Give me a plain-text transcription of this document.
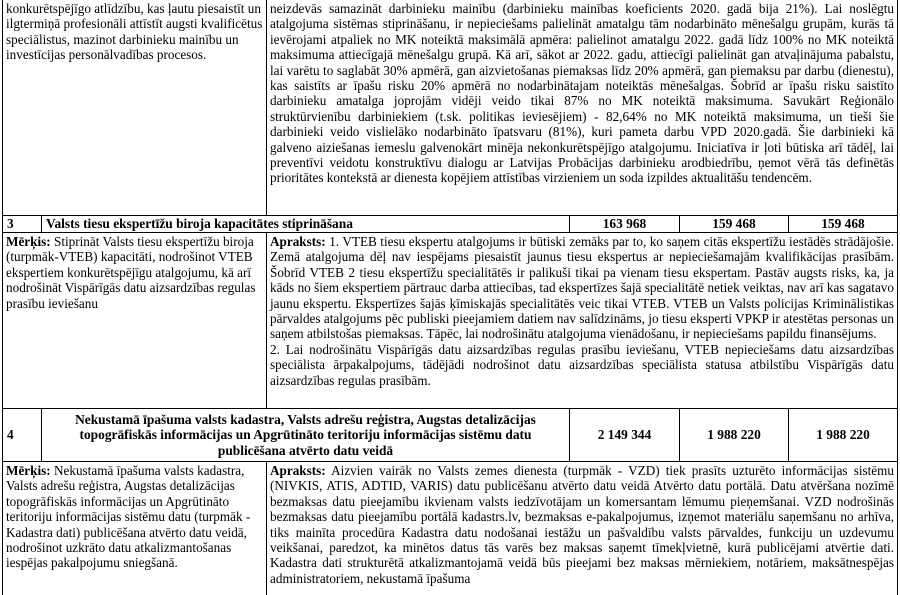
konkurētspējīgo atlīdzību, kas ļautu piesaistīt un ilgtermiņā profesionāli attīstīt augsti kvalificētus speciālistus, mazinot darbinieku mainību un investīcijas personālvadības procesos.

neizdevās samazināt darbinieku mainību (darbinieku mainības koeficients 2020. gadā bija 21%). Lai noslēgtu atalgojuma sistēmas stiprināšanu, ir nepieciešams palielināt amatalgu tām nodarbināto mēnešalgu grupām, kurās tā ievērojami atpaliek no MK noteiktā maksimālā apmēra: palielinot amatalgu 2022. gadā līdz 100% no MK noteiktā maksimuma attiecīgajā mēnešalgu grupā. Kā arī, sākot ar 2022. gadu, attiecīgi palielināt gan atvaļinājuma pabalstu, lai varētu to saglabāt 30% apmērā, gan aizvietošanas piemaksas līdz 20% apmērā, gan piemaksu par darbu (dienestu), kas saistīts ar īpašu risku 20% apmērā no nodarbinātajam noteiktās mēnešalgas. Šobrīd ar īpašu risku saistīto darbinieku amatalga joprojām vidēji veido tikai 87% no MK noteiktā maksimuma. Savukārt Reģionālo struktūrvienību darbiniekiem (t.sk. politikas ieviesējiem) - 82,64% no MK noteiktā maksimuma, un tieši šie darbinieki veido vislielāko nodarbināto īpatsvaru (81%), kuri pameta darbu VPD 2020.gadā. Šie darbinieki kā galveno aiziešanas iemeslu galvenokārt minēja nekonkurētspējīgo atalgojumu. Iniciatīva ir ļoti būtiska arī tādēļ, lai preventīvi veidotu konstruktīvu dialogu ar Latvijas Probācijas darbinieku arodbiedrību, ņemot vērā tās definētās prioritātes kontekstā ar dienesta kopējiem attīstības virzieniem un soda izpildes aktualitāšu tendencēm.

3 Valsts tiesu ekspertīžu biroja kapacitātes stiprināšana	163 968	159 468	159 468

Mērķis: Stiprināt Valsts tiesu ekspertīžu biroja (turpmāk-VTEB) kapacitāti, nodrošinot VTEB ekspertiem konkurētspējīgu atalgojumu, kā arī nodrošināt Vispārīgās datu aizsardzības regulas prasību ieviešanu

Apraksts: 1. VTEB tiesu ekspertu atalgojums ir būtiski zemāks par to, ko saņem citās ekspertīžu iestādēs strādājošie. Zemā atalgojuma dēļ nav iespējams piesaistīt jaunus tiesu ekspertus ar nepieciešamajām kvalifikācijas prasībām. Šobrīd VTEB 2 tiesu ekspertīžu specialitātēs ir palikuši tikai pa vienam tiesu ekspertam. Pastāv augsts risks, ka, ja kāds no šiem ekspertiem pārtrauc darba attiecības, tad ekspertīzes šajā specialitātē netiek veiktas, nav arī kas sagatavo jaunu ekspertu. Ekspertīzes šajās ķīmiskajās specialitātēs veic tikai VTEB. VTEB un Valsts policijas Kriminālistikas pārvaldes atalgojums pēc publiski pieejamiem datiem nav salīdzināms, jo tiesu eksperti VPKP ir atestētas personas un saņem atbilstošas piemaksas. Tāpēc, lai nodrošinātu atalgojuma vienādošanu, ir nepieciešams papildu finansējums.

2. Lai nodrošinātu Vispārīgās datu aizsardzības regulas prasību ieviešanu, VTEB nepieciešams datu aizsardzības speciālista ārpakalpojums, tādējādi nodrošinot datu aizsardzības speciālista statusa atbilstību Vispārīgās datu aizsardzības regulas prasībām.

4
Nekustamā īpašuma valsts kadastra, Valsts adrešu reģistra, Augstas detalizācijas topogrāfiskās informācijas un Apgrūtināto teritoriju informācijas sistēmu datu publicēšana atvērto datu veidā
2 149 344	1 988 220	1 988 220

Mērķis: Nekustamā īpašuma valsts kadastra, Valsts adrešu reģistra, Augstas detalizācijas topogrāfiskās informācijas un Apgrūtināto teritoriju informācijas sistēmu datu (turpmāk - Kadastra dati) publicēšana atvērto datu veidā, nodrošinot uzkrāto datu atkalizmantošanas iespējas pakalpojumu sniegšanā.

Apraksts: Aizvien vairāk no Valsts zemes dienesta (turpmāk - VZD) tiek prasīts uzturēto informācijas sistēmu (NIVKIS, ATIS, ADTID, VARIS) datu publicēšanu atvērto datu veidā Atvērto datu portālā. Datu atvēršana nozīmē bezmaksas datu pieejamību ikvienam valsts iedzīvotājam un komersantam lēmumu pieņemšanai. VZD nodrošinās bezmaksas datu pieejamību portālā kadastrs.lv, bezmaksas e-pakalpojumus, izņemot materiālu saņemšanu no arhīva, tiks mainīta procedūra Kadastra datu nodošanai iestāžu un pašvaldību valsts pārvaldes, funkciju un uzdevumu veikšanai, paredzot, ka minētos datus tās varēs bez maksas saņemt tīmekļvietnē, kurā publicējami atvērtie dati. Kadastra dati strukturētā atkalizmantojamā veidā būs pieejami bez maksas mērniekiem, notāriem, maksātnespējas administratoriem, nekustamā īpašuma
